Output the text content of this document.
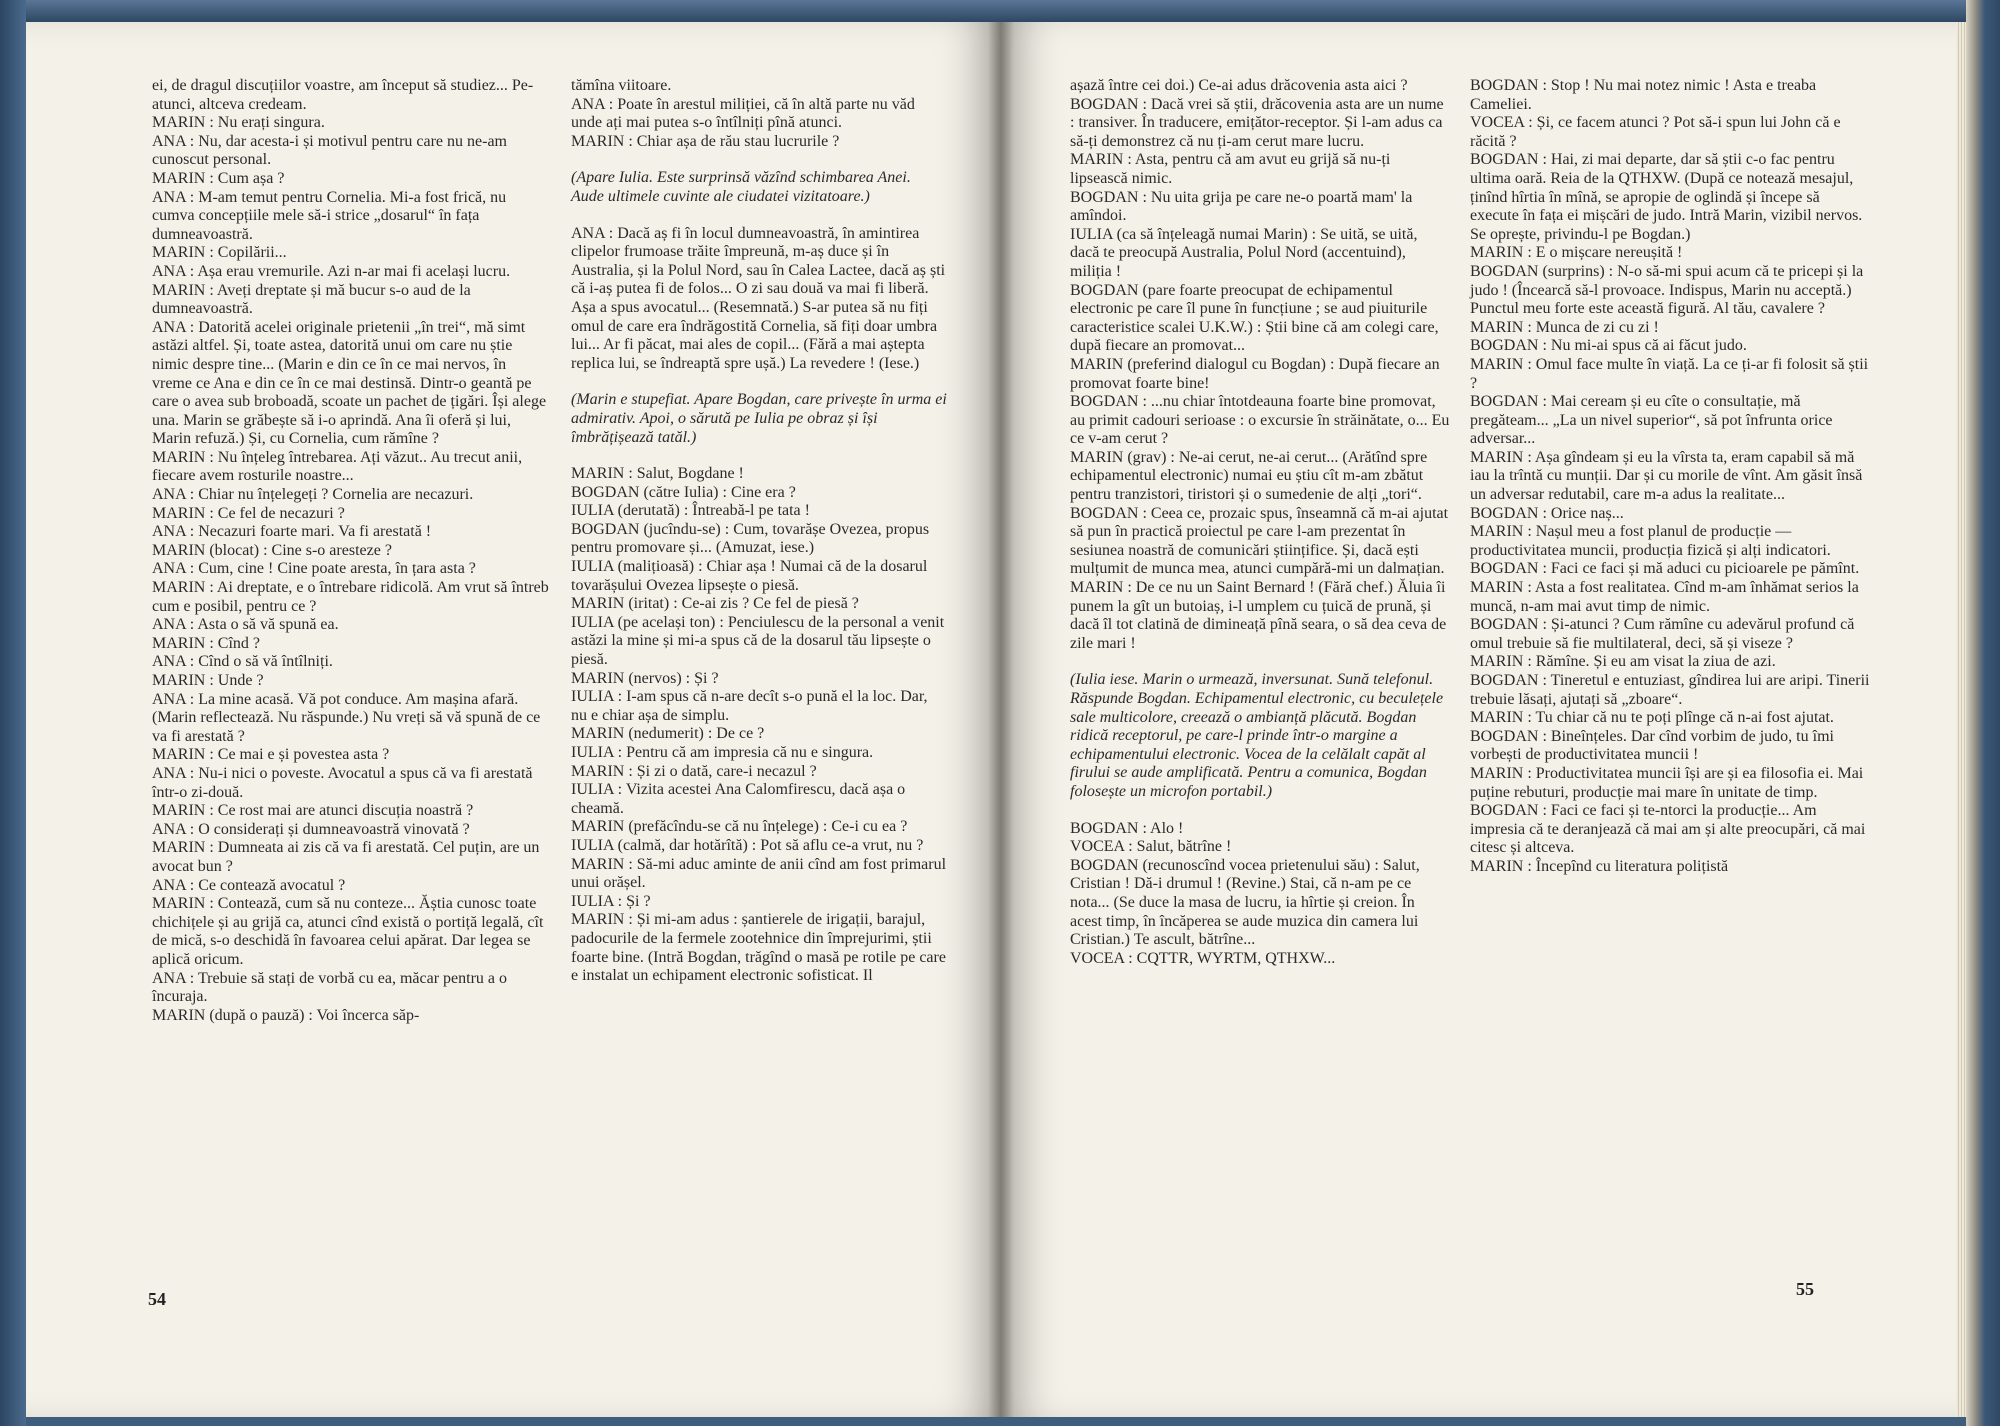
ei, de dragul discuțiilor voastre, am început să studiez... Pe-atunci, altceva credeam.

MARIN : Nu erați singura.

ANA : Nu, dar acesta-i și motivul pentru care nu ne-am cunoscut personal.

MARIN : Cum așa ?

ANA : M-am temut pentru Cornelia. Mi-a fost frică, nu cumva concepțiile mele să-i strice „dosarul“ în fața dumneavoastră.

MARIN : Copilării...

ANA : Așa erau vremurile. Azi n-ar mai fi același lucru.

MARIN : Aveți dreptate și mă bucur s-o aud de la dumneavoastră.

ANA : Datorită acelei originale prietenii „în trei“, mă simt astăzi altfel. Și, toate astea, datorită unui om care nu știe nimic despre tine... (Marin e din ce în ce mai nervos, în vreme ce Ana e din ce în ce mai destinsă. Dintr-o geantă pe care o avea sub broboadă, scoate un pachet de țigări. Își alege una. Marin se grăbește să i-o aprindă. Ana îi oferă și lui, Marin refuză.) Și, cu Cornelia, cum rămîne ?

MARIN : Nu înțeleg întrebarea. Ați văzut.. Au trecut anii, fiecare avem rosturile noastre...

ANA : Chiar nu înțelegeți ? Cornelia are necazuri.

MARIN : Ce fel de necazuri ?

ANA : Necazuri foarte mari. Va fi arestată !

MARIN (blocat) : Cine s-o aresteze ?

ANA : Cum, cine ! Cine poate aresta, în țara asta ?

MARIN : Ai dreptate, e o întrebare ridicolă. Am vrut să întreb cum e posibil, pentru ce ?

ANA : Asta o să vă spună ea.

MARIN : Cînd ?

ANA : Cînd o să vă întîlniți.

MARIN : Unde ?

ANA : La mine acasă. Vă pot conduce. Am mașina afară. (Marin reflectează. Nu răspunde.) Nu vreți să vă spună de ce va fi arestată ?

MARIN : Ce mai e și povestea asta ?

ANA : Nu-i nici o poveste. Avocatul a spus că va fi arestată într-o zi-două.

MARIN : Ce rost mai are atunci discuția noastră ?

ANA : O considerați și dumneavoastră vinovată ?

MARIN : Dumneata ai zis că va fi arestată. Cel puțin, are un avocat bun ?

ANA : Ce contează avocatul ?

MARIN : Contează, cum să nu conteze... Ăștia cunosc toate chichițele și au grijă ca, atunci cînd există o portiță legală, cît de mică, s-o deschidă în favoarea celui apărat. Dar legea se aplică oricum.

ANA : Trebuie să stați de vorbă cu ea, măcar pentru a o încuraja.

MARIN (după o pauză) : Voi încerca săp-

tămîna viitoare.

ANA : Poate în arestul miliției, că în altă parte nu văd unde ați mai putea s-o întîlniți pînă atunci.

MARIN : Chiar așa de rău stau lucrurile ?

(Apare Iulia. Este surprinsă văzînd schimbarea Anei. Aude ultimele cuvinte ale ciudatei vizitatoare.)

ANA : Dacă aș fi în locul dumneavoastră, în amintirea clipelor frumoase trăite împreună, m-aș duce și în Australia, și la Polul Nord, sau în Calea Lactee, dacă aș ști că i-aș putea fi de folos... O zi sau două va mai fi liberă. Așa a spus avocatul... (Resemnată.) S-ar putea să nu fiți omul de care era îndrăgostită Cornelia, să fiți doar umbra lui... Ar fi păcat, mai ales de copil... (Fără a mai aștepta replica lui, se îndreaptă spre ușă.) La revedere ! (Iese.)

(Marin e stupefiat. Apare Bogdan, care privește în urma ei admirativ. Apoi, o sărută pe Iulia pe obraz și își îmbrățișează tatăl.)

MARIN : Salut, Bogdane !

BOGDAN (către Iulia) : Cine era ?

IULIA (derutată) : Întreabă-l pe tata !

BOGDAN (jucîndu-se) : Cum, tovarășe Ovezea, propus pentru promovare și... (Amuzat, iese.)

IULIA (malițioasă) : Chiar așa ! Numai că de la dosarul tovarășului Ovezea lipsește o piesă.

MARIN (iritat) : Ce-ai zis ? Ce fel de piesă ?

IULIA (pe același ton) : Penciulescu de la personal a venit astăzi la mine și mi-a spus că de la dosarul tău lipsește o piesă.

MARIN (nervos) : Și ?

IULIA : I-am spus că n-are decît s-o pună el la loc. Dar, nu e chiar așa de simplu.

MARIN (nedumerit) : De ce ?

IULIA : Pentru că am impresia că nu e singura.

MARIN : Și zi o dată, care-i necazul ?

IULIA : Vizita acestei Ana Calomfirescu, dacă așa o cheamă.

MARIN (prefăcîndu-se că nu înțelege) : Ce-i cu ea ?

IULIA (calmă, dar hotărîtă) : Pot să aflu ce-a vrut, nu ?

MARIN : Să-mi aduc aminte de anii cînd am fost primarul unui orășel.

IULIA : Și ?

MARIN : Și mi-am adus : șantierele de irigații, barajul, padocurile de la fermele zootehnice din împrejurimi, știi foarte bine. (Intră Bogdan, trăgînd o masă pe rotile pe care e instalat un echipament electronic sofisticat. Il

54

așază între cei doi.) Ce-ai adus drăcovenia asta aici ?

BOGDAN : Dacă vrei să știi, drăcovenia asta are un nume : transiver. În traducere, emițător-receptor. Și l-am adus ca să-ți demonstrez că nu ți-am cerut mare lucru.

MARIN : Asta, pentru că am avut eu grijă să nu-ți lipsească nimic.

BOGDAN : Nu uita grija pe care ne-o poartă mam' la amîndoi.

IULIA (ca să înțeleagă numai Marin) : Se uită, se uită, dacă te preocupă Australia, Polul Nord (accentuind), miliția !

BOGDAN (pare foarte preocupat de echipamentul electronic pe care îl pune în funcțiune ; se aud piuiturile caracteristice scalei U.K.W.) : Știi bine că am colegi care, după fiecare an promovat...

MARIN (preferind dialogul cu Bogdan) : După fiecare an promovat foarte bine!

BOGDAN : ...nu chiar întotdeauna foarte bine promovat, au primit cadouri serioase : o excursie în străinătate, o... Eu ce v-am cerut ?

MARIN (grav) : Ne-ai cerut, ne-ai cerut... (Arătînd spre echipamentul electronic) numai eu știu cît m-am zbătut pentru tranzistori, tiristori și o sumedenie de alți „tori“.

BOGDAN : Ceea ce, prozaic spus, înseamnă că m-ai ajutat să pun în practică proiectul pe care l-am prezentat în sesiunea noastră de comunicări științifice. Și, dacă ești mulțumit de munca mea, atunci cumpără-mi un dalmațian.

MARIN : De ce nu un Saint Bernard ! (Fără chef.) Ăluia îi punem la gît un butoiaș, i-l umplem cu țuică de prună, și dacă îl tot clatină de dimineață pînă seara, o să dea ceva de zile mari !

(Iulia iese. Marin o urmează, inversunat. Sună telefonul. Răspunde Bogdan. Echipamentul electronic, cu beculețele sale multicolore, creează o ambianță plăcută. Bogdan ridică receptorul, pe care-l prinde într-o margine a echipamentului electronic. Vocea de la celălalt capăt al firului se aude amplificată. Pentru a comunica, Bogdan folosește un microfon portabil.)

BOGDAN : Alo !

VOCEA : Salut, bătrîne !

BOGDAN (recunoscînd vocea prietenului său) : Salut, Cristian ! Dă-i drumul ! (Revine.) Stai, că n-am pe ce nota... (Se duce la masa de lucru, ia hîrtie și creion. În acest timp, în încăperea se aude muzica din camera lui Cristian.) Te ascult, bătrîne...

VOCEA : CQTTR, WYRTM, QTHXW...

BOGDAN : Stop ! Nu mai notez nimic ! Asta e treaba Cameliei.

VOCEA : Și, ce facem atunci ? Pot să-i spun lui John că e răcită ?

BOGDAN : Hai, zi mai departe, dar să știi c-o fac pentru ultima oară. Reia de la QTHXW. (După ce notează mesajul, ținînd hîrtia în mînă, se apropie de oglindă și începe să execute în fața ei mișcări de judo. Intră Marin, vizibil nervos. Se oprește, privindu-l pe Bogdan.)

MARIN : E o mișcare nereușită !

BOGDAN (surprins) : N-o să-mi spui acum că te pricepi și la judo ! (Încearcă să-l provoace. Indispus, Marin nu acceptă.) Punctul meu forte este această figură. Al tău, cavalere ?

MARIN : Munca de zi cu zi !

BOGDAN : Nu mi-ai spus că ai făcut judo.

MARIN : Omul face multe în viață. La ce ți-ar fi folosit să știi ?

BOGDAN : Mai ceream și eu cîte o consultație, mă pregăteam... „La un nivel superior“, să pot înfrunta orice adversar...

MARIN : Așa gîndeam și eu la vîrsta ta, eram capabil să mă iau la trîntă cu munții. Dar și cu morile de vînt. Am găsit însă un adversar redutabil, care m-a adus la realitate...

BOGDAN : Orice naș...

MARIN : Nașul meu a fost planul de producție — productivitatea muncii, producția fizică și alți indicatori.

BOGDAN : Faci ce faci și mă aduci cu picioarele pe pămînt.

MARIN : Asta a fost realitatea. Cînd m-am înhămat serios la muncă, n-am mai avut timp de nimic.

BOGDAN : Și-atunci ? Cum rămîne cu adevărul profund că omul trebuie să fie multilateral, deci, să și viseze ?

MARIN : Rămîne. Și eu am visat la ziua de azi.

BOGDAN : Tineretul e entuziast, gîndirea lui are aripi. Tinerii trebuie lăsați, ajutați să „zboare“.

MARIN : Tu chiar că nu te poți plînge că n-ai fost ajutat.

BOGDAN : Bineînțeles. Dar cînd vorbim de judo, tu îmi vorbești de productivitatea muncii !

MARIN : Productivitatea muncii își are și ea filosofia ei. Mai puține rebuturi, producție mai mare în unitate de timp.

BOGDAN : Faci ce faci și te-ntorci la producție... Am impresia că te deranjează că mai am și alte preocupări, că mai citesc și altceva.

MARIN : Începînd cu literatura polițistă

55
